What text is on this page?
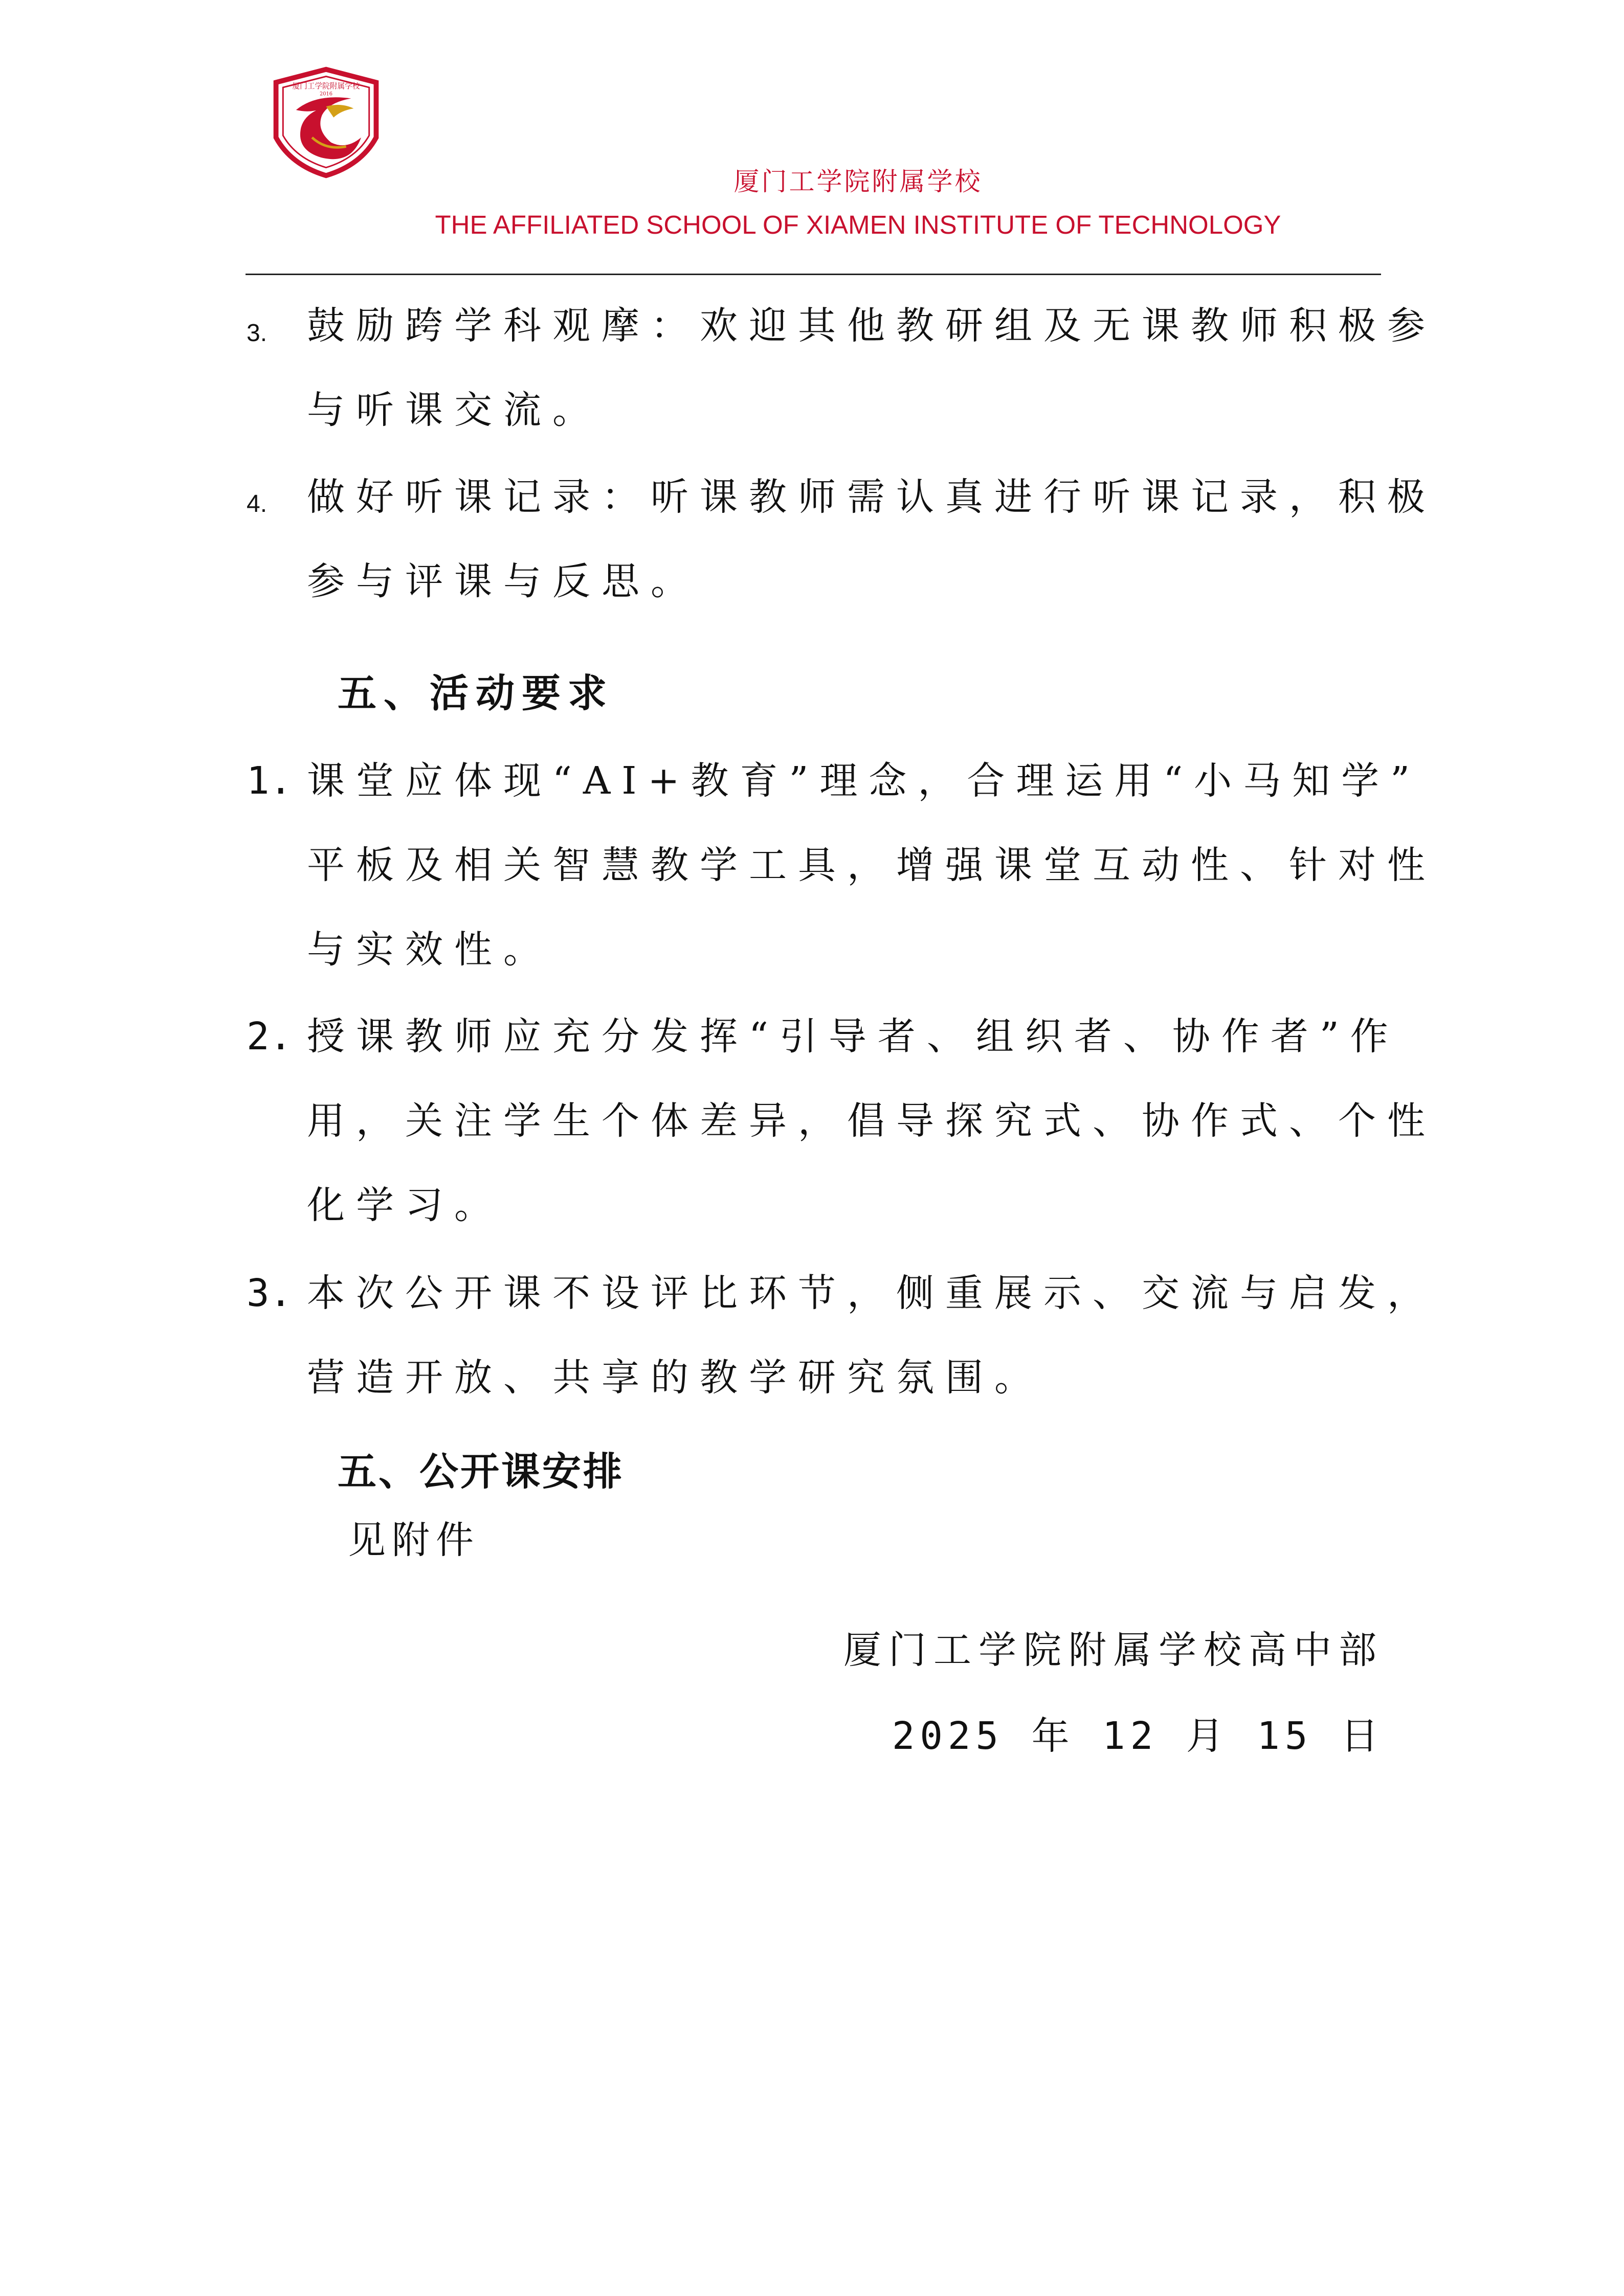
厦门工学院附属学校
2016
厦门工学院附属学校
THE AFFILIATED SCHOOL OF XIAMEN INSTITUTE OF TECHNOLOGY
3. 鼓励跨学科观摩：欢迎其他教研组及无课教师积极参
与听课交流。
4. 做好听课记录：听课教师需认真进行听课记录，积极
参与评课与反思。
五、活动要求
1. 课堂应体现“AI+教育”理念，合理运用“小马知学”
平板及相关智慧教学工具，增强课堂互动性、针对性
与实效性。
2. 授课教师应充分发挥“引导者、组织者、协作者”作
用，关注学生个体差异，倡导探究式、协作式、个性
化学习。
3. 本次公开课不设评比环节，侧重展示、交流与启发，
营造开放、共享的教学研究氛围。
五、公开课安排
见附件
厦门工学院附属学校高中部
2025 年 12 月 15 日
